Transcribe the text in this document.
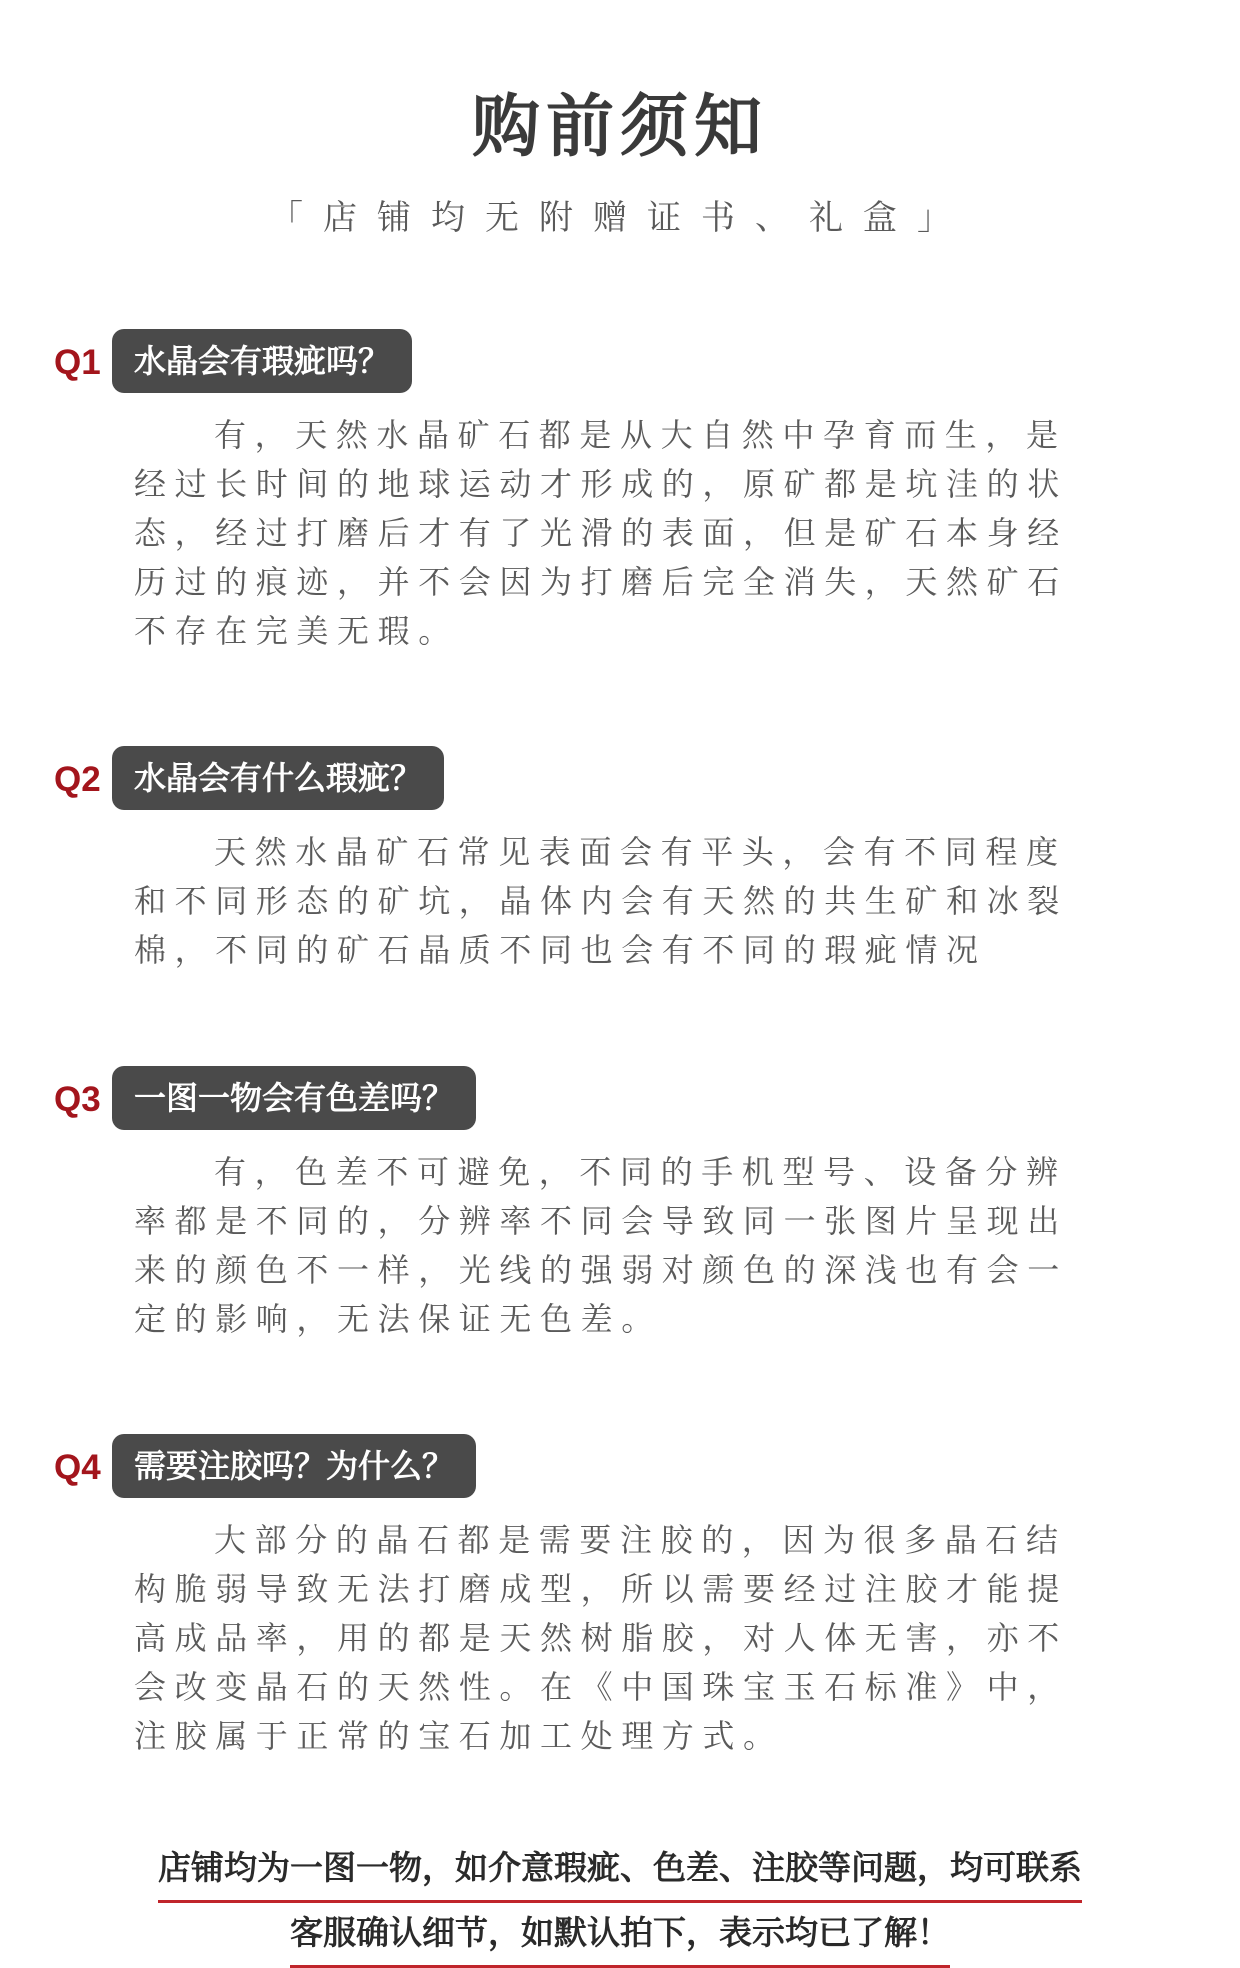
购前须知
「店铺均无附赠证书、礼盒」
Q1	水晶会有瑕疵吗？

有，天然水晶矿石都是从大自然中孕育而生，是经过长时间的地球运动才形成的，原矿都是坑洼的状态，经过打磨后才有了光滑的表面，但是矿石本身经历过的痕迹，并不会因为打磨后完全消失，天然矿石不存在完美无瑕。

Q2	水晶会有什么瑕疵？

天然水晶矿石常见表面会有平头，会有不同程度和不同形态的矿坑，晶体内会有天然的共生矿和冰裂棉，不同的矿石晶质不同也会有不同的瑕疵情况

Q3	一图一物会有色差吗？

有，色差不可避免，不同的手机型号、设备分辨率都是不同的，分辨率不同会导致同一张图片呈现出来的颜色不一样，光线的强弱对颜色的深浅也有会一定的影响，无法保证无色差。

Q4	需要注胶吗？为什么？

大部分的晶石都是需要注胶的，因为很多晶石结构脆弱导致无法打磨成型，所以需要经过注胶才能提高成品率，用的都是天然树脂胶，对人体无害，亦不会改变晶石的天然性。在《中国珠宝玉石标准》中，注胶属于正常的宝石加工处理方式。

店铺均为一图一物，如介意瑕疵、色差、注胶等问题，均可联系
客服确认细节，如默认拍下，表示均已了解！
